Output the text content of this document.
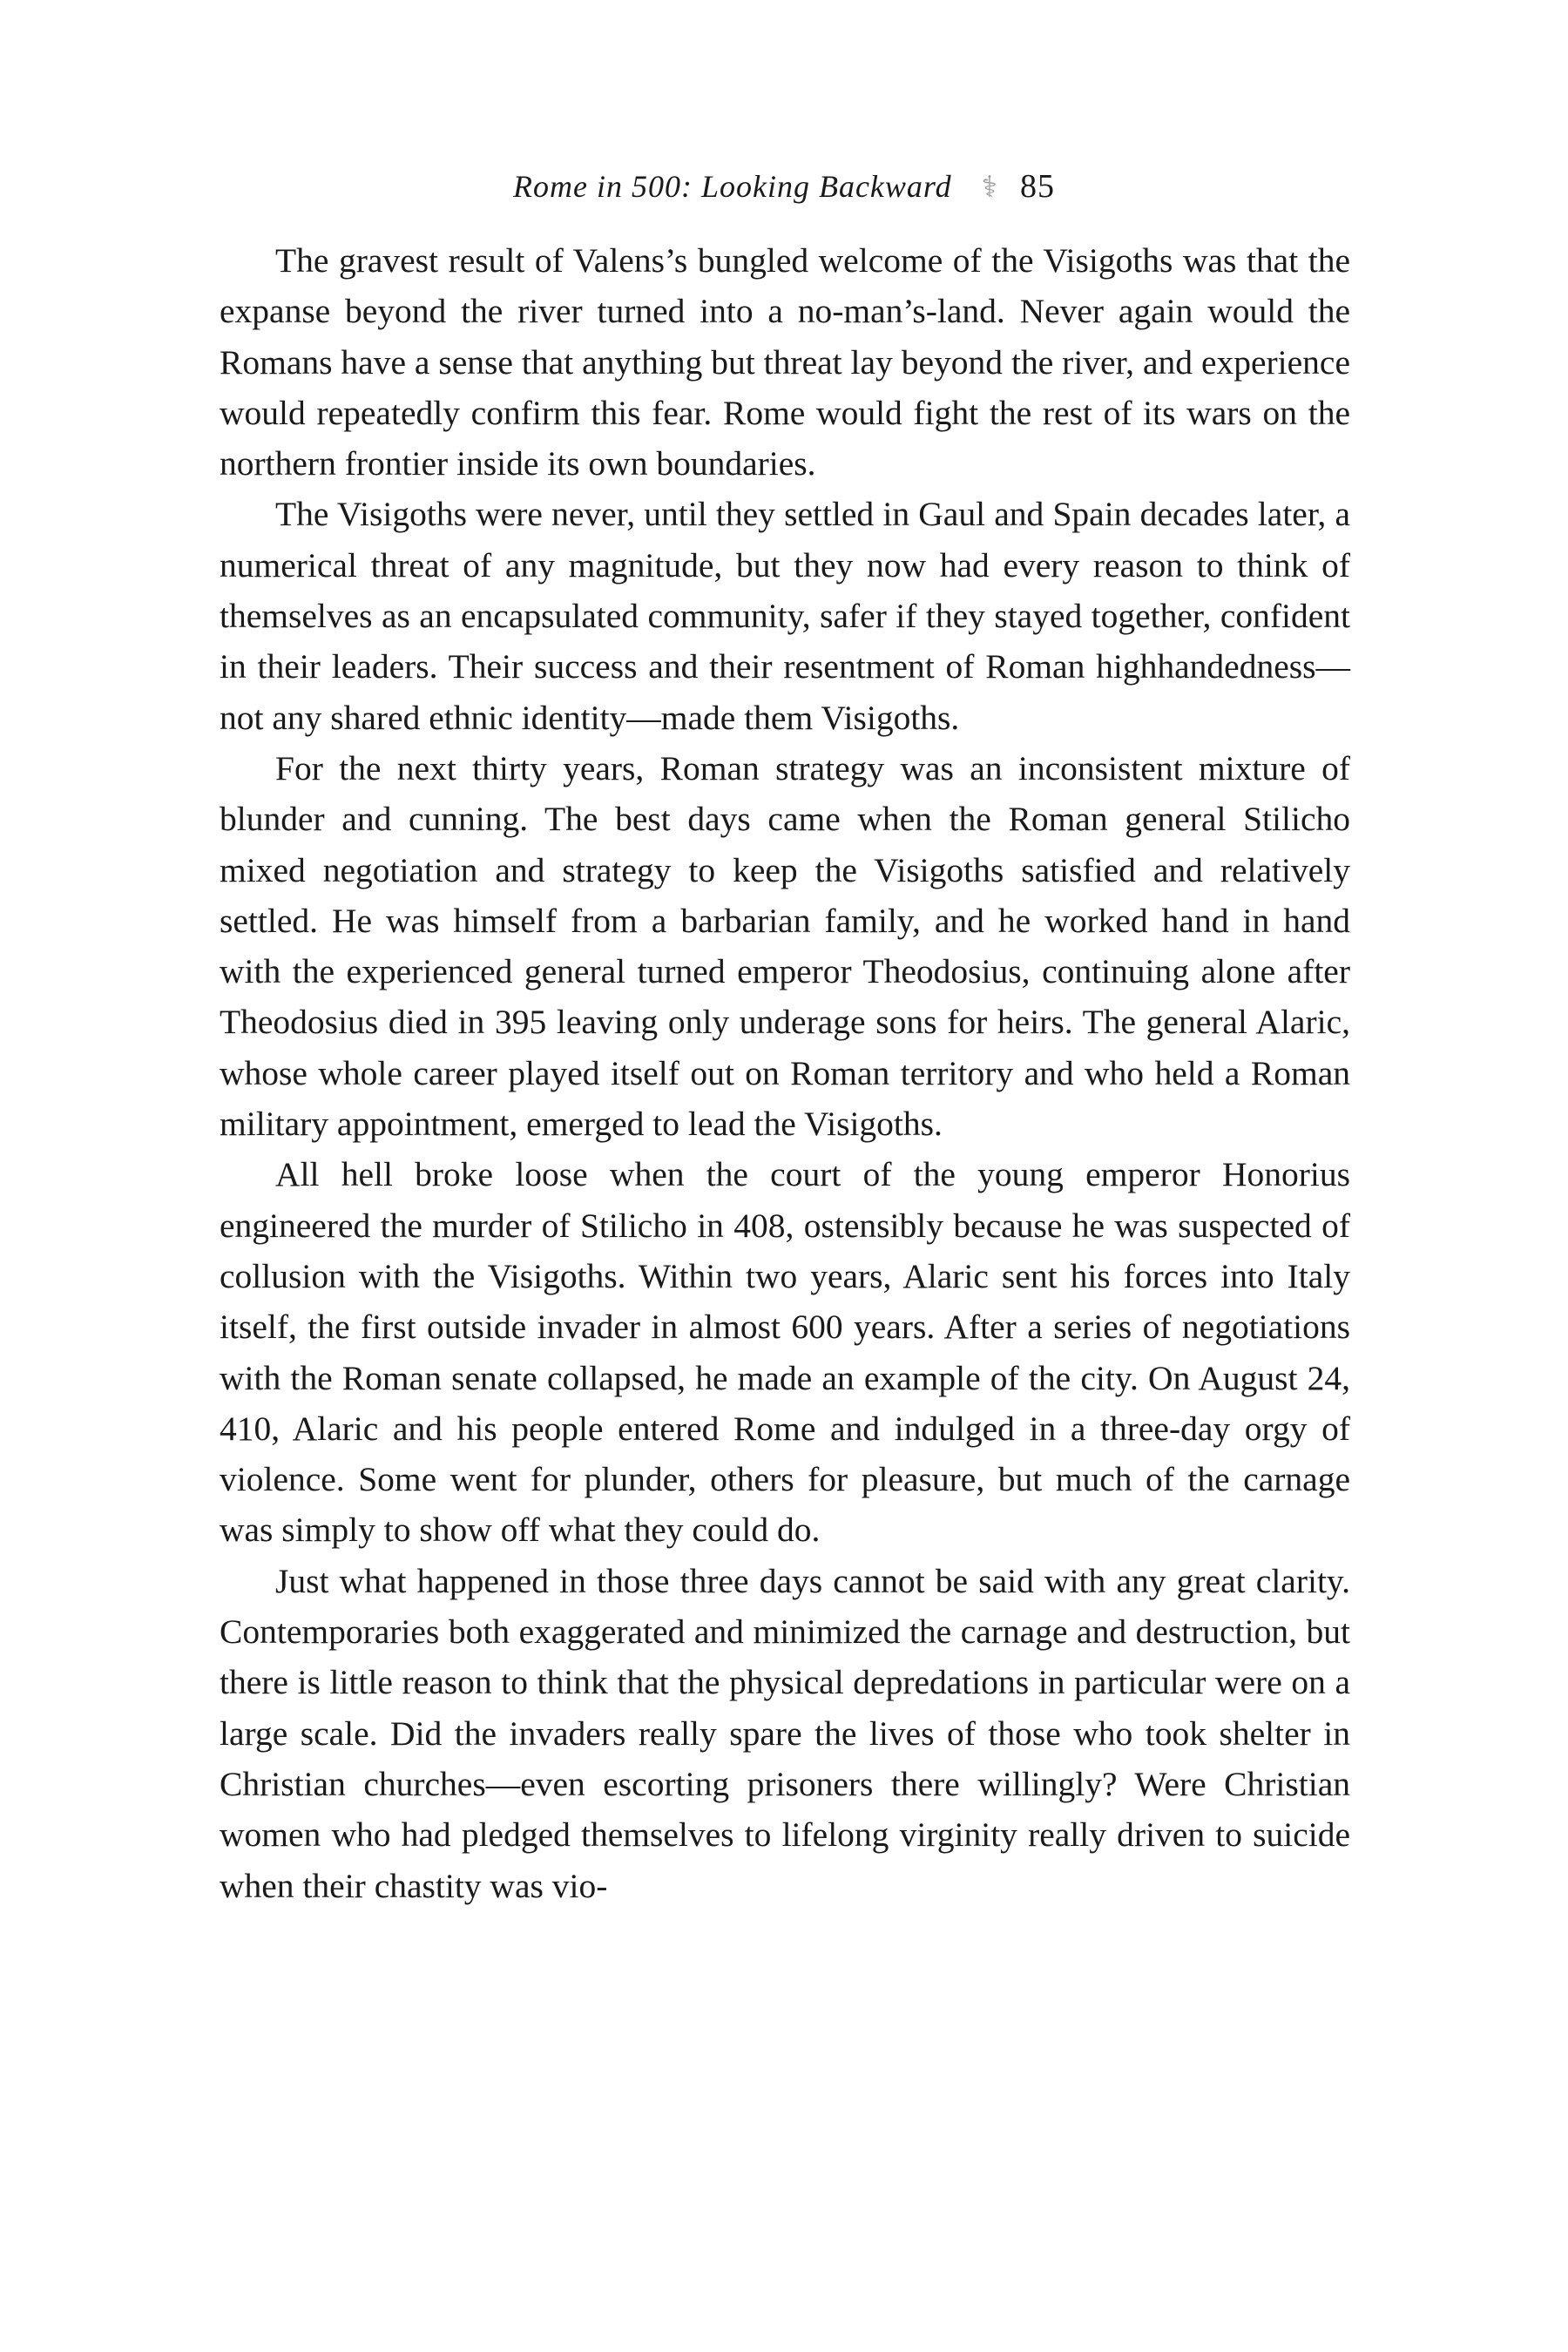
Rome in 500: Looking Backward ⚕ 85

The gravest result of Valens’s bungled welcome of the Visigoths was that the expanse beyond the river turned into a no-man’s-land. Never again would the Romans have a sense that anything but threat lay beyond the river, and experience would repeatedly confirm this fear. Rome would fight the rest of its wars on the northern frontier inside its own boundaries.

The Visigoths were never, until they settled in Gaul and Spain decades later, a numerical threat of any magnitude, but they now had every reason to think of themselves as an encapsulated community, safer if they stayed together, confident in their leaders. Their success and their resentment of Roman highhandedness—not any shared ethnic identity—made them Visigoths.

For the next thirty years, Roman strategy was an inconsistent mixture of blunder and cunning. The best days came when the Roman general Stilicho mixed negotiation and strategy to keep the Visigoths satisfied and relatively settled. He was himself from a barbarian family, and he worked hand in hand with the experienced general turned emperor Theodosius, continuing alone after Theodosius died in 395 leaving only underage sons for heirs. The general Alaric, whose whole career played itself out on Roman territory and who held a Roman military appointment, emerged to lead the Visigoths.

All hell broke loose when the court of the young emperor Honorius engineered the murder of Stilicho in 408, ostensibly because he was suspected of collusion with the Visigoths. Within two years, Alaric sent his forces into Italy itself, the first outside invader in almost 600 years. After a series of negotiations with the Roman senate collapsed, he made an example of the city. On August 24, 410, Alaric and his people entered Rome and indulged in a three-day orgy of violence. Some went for plunder, others for pleasure, but much of the carnage was simply to show off what they could do.

Just what happened in those three days cannot be said with any great clarity. Contemporaries both exaggerated and minimized the carnage and destruction, but there is little reason to think that the physical depredations in particular were on a large scale. Did the invaders really spare the lives of those who took shelter in Christian churches—even escorting prisoners there willingly? Were Christian women who had pledged themselves to lifelong virginity really driven to suicide when their chastity was vio-
